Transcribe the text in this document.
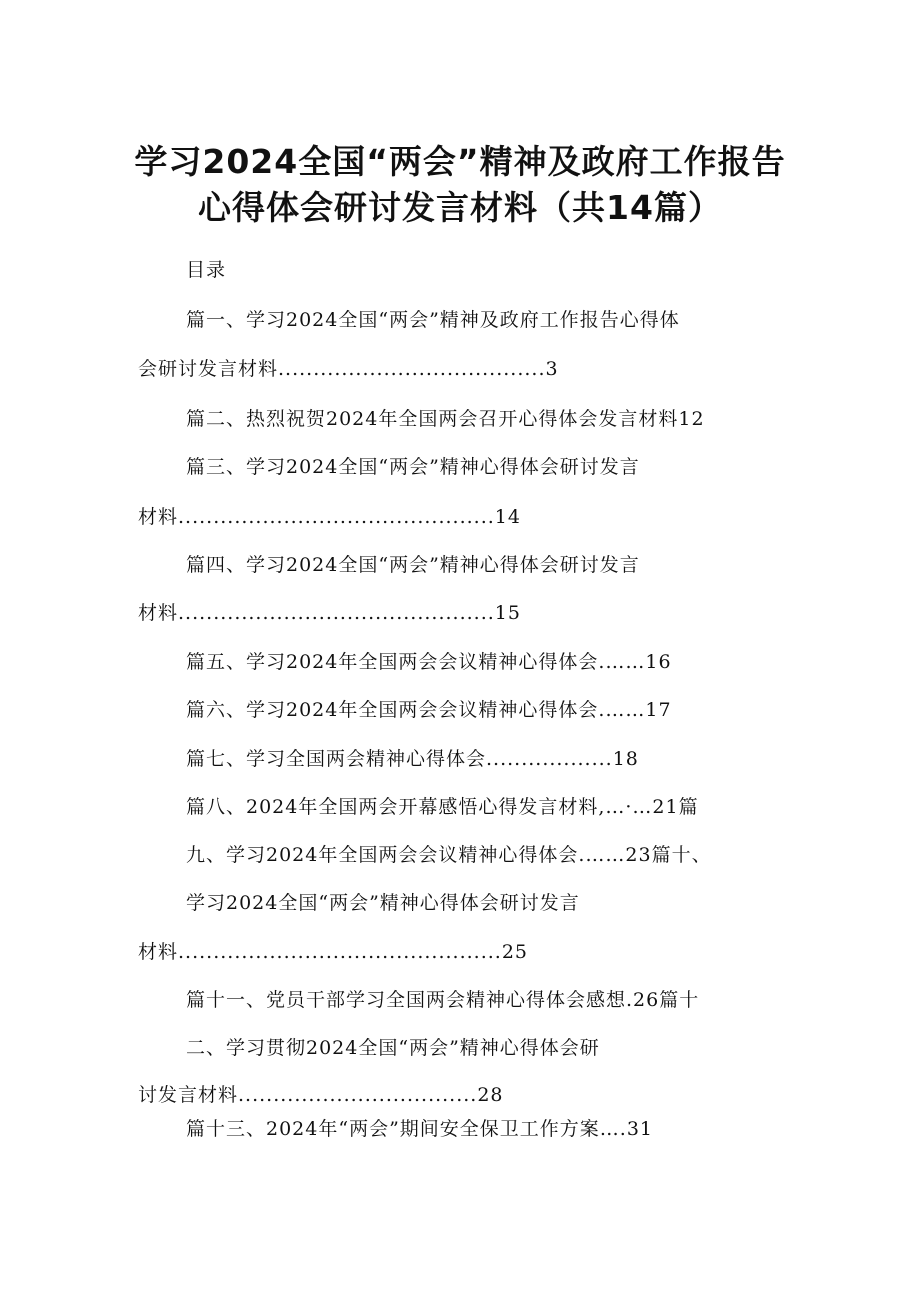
学习2024全国“两会”精神及政府工作报告
心得体会研讨发言材料（共14篇）
目录
篇一、学习2024全国“两会”精神及政府工作报告心得体
会研讨发言材料......................................3
篇二、热烈祝贺2024年全国两会召开心得体会发言材料12
篇三、学习2024全国“两会”精神心得体会研讨发言
材料.............................................14
篇四、学习2024全国“两会”精神心得体会研讨发言
材料.............................................15
篇五、学习2024年全国两会会议精神心得体会.……16
篇六、学习2024年全国两会会议精神心得体会.……17
篇七、学习全国两会精神心得体会..................18
篇八、2024年全国两会开幕感悟心得发言材料,…·…21篇
九、学习2024年全国两会会议精神心得体会.……23篇十、
学习2024全国“两会”精神心得体会研讨发言
材料..............................................25
篇十一、党员干部学习全国两会精神心得体会感想.26篇十
二、学习贯彻2024全国“两会”精神心得体会研
讨发言材料..................................28
篇十三、2024年“两会”期间安全保卫工作方案….31
